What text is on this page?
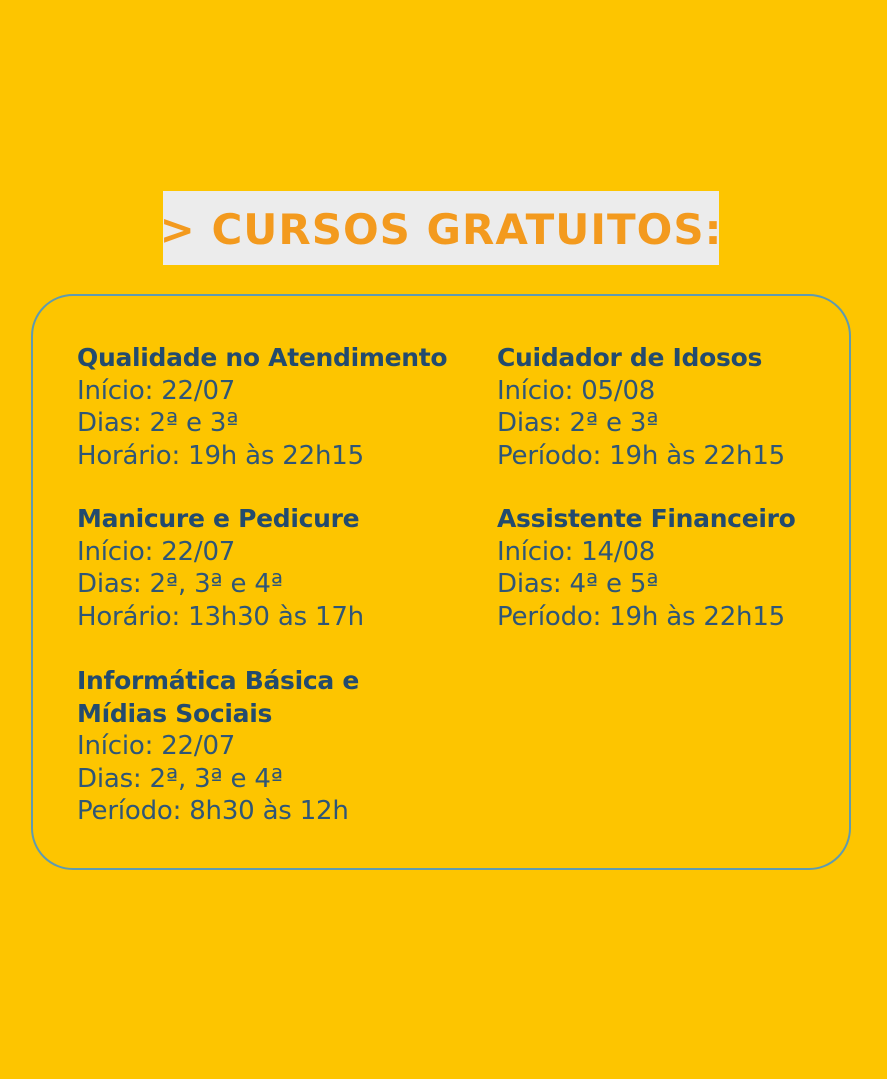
> CURSOS GRATUITOS:
Qualidade no Atendimento
Início: 22/07
Dias: 2ª e 3ª
Horário: 19h às 22h15
Cuidador de Idosos
Início: 05/08
Dias: 2ª e 3ª
Período: 19h às 22h15
Manicure e Pedicure
Início: 22/07
Dias: 2ª, 3ª e 4ª
Horário: 13h30 às 17h
Assistente Financeiro
Início: 14/08
Dias: 4ª e 5ª
Período: 19h às 22h15
Informática Básica e
Mídias Sociais
Início: 22/07
Dias: 2ª, 3ª e 4ª
Período: 8h30 às 12h
